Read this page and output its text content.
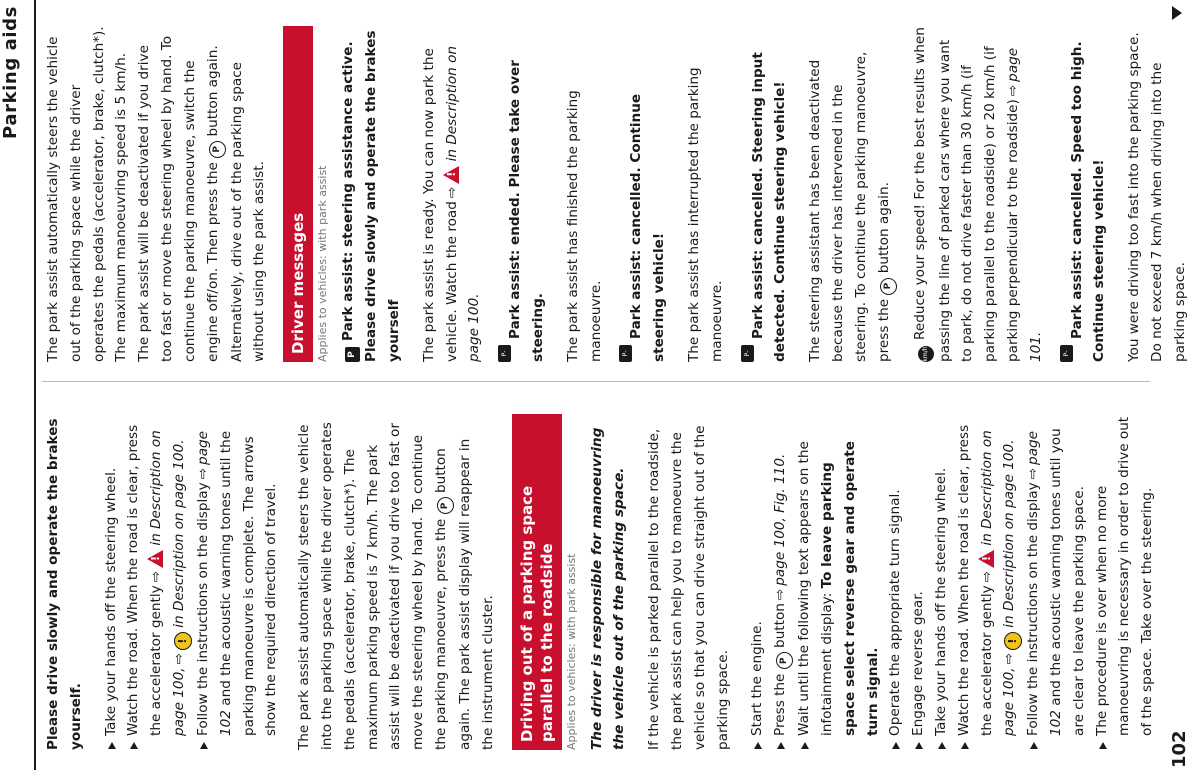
Parking aids

Please drive slowly and operate the brakes yourself. Take your hands off the steering wheel. Watch the road. When the road is clear, press the accelerator gently⇨! in Description on page 100,⇨! in Description on page 100. Follow the instructions on the display⇨page 102 and the acoustic warning tones until the parking manoeuvre is complete. The arrows show the required direction of travel. The park assist automatically steers the vehicle into the parking space while the driver operates the pedals (accelerator, brake, clutch*). The maximum parking speed is 7 km/h. The park assist will be deactivated if you drive too fast or move the steering wheel by hand. To continue the parking manoeuvre, press the P button again. The park assist display will reappear in the instrument cluster.	Driving out of a parking space parallel to the roadside Applies to vehicles: with park assist The driver is responsible for manoeuvring the vehicle out of the parking space. If the vehicle is parked parallel to the roadside, the park assist can help you to manoeuvre the vehicle so that you can drive straight out of the parking space. Start the engine. Press the P button⇨page 100, Fig. 110. Wait until the following text appears on the infotainment display: To leave parking space select reverse gear and operate turn signal. Operate the appropriate turn signal. Engage reverse gear. Take your hands off the steering wheel. Watch the road. When the road is clear, press the accelerator gently⇨! in Description on page 100,⇨! in Description on page 100. Follow the instructions on the display⇨page 102 and the acoustic warning tones until you are clear to leave the parking space. The procedure is over when no more manoeuvring is necessary in order to drive out of the space. Take over the steering.

The park assist automatically steers the vehicle out of the parking space while the driver operates the pedals (accelerator, brake, clutch*). The maximum manoeuvring speed is 5 km/h. The park assist will be deactivated if you drive too fast or move the steering wheel by hand. To continue the parking manoeuvre, switch the engine off/on. Then press the P button again. Alternatively, drive out of the parking space without using the park assist.	Driver messages Applies to vehicles: with park assist	PPark assist: steering assistance active. Please drive slowly and operate the brakes yourself The park assist is ready. You can now park the vehicle. Watch the road⇨! in Description on page 100.	P-OFFPark assist: ended. Please take over steering. The park assist has finished the parking manoeuvre.	P-OFFPark assist: cancelled. Continue steering vehicle! The park assist has interrupted the parking manoeuvre.	P-OFFPark assist: cancelled. Steering input detected. Continue steering vehicle! The steering assistant has been deactivated because the driver has intervened in the steering. To continue the parking manoeuvre, press the P button again.

km/hReduce your speed! For the best results when passing the line of parked cars where you want to park, do not drive faster than 30 km/h (if parking parallel to the roadside) or 20 km/h (if parking perpendicular to the roadside)⇨page 101.	P-OFFPark assist: cancelled. Speed too high. Continue steering vehicle! You were driving too fast into the parking space. Do not exceed 7 km/h when driving into the parking space.

102
